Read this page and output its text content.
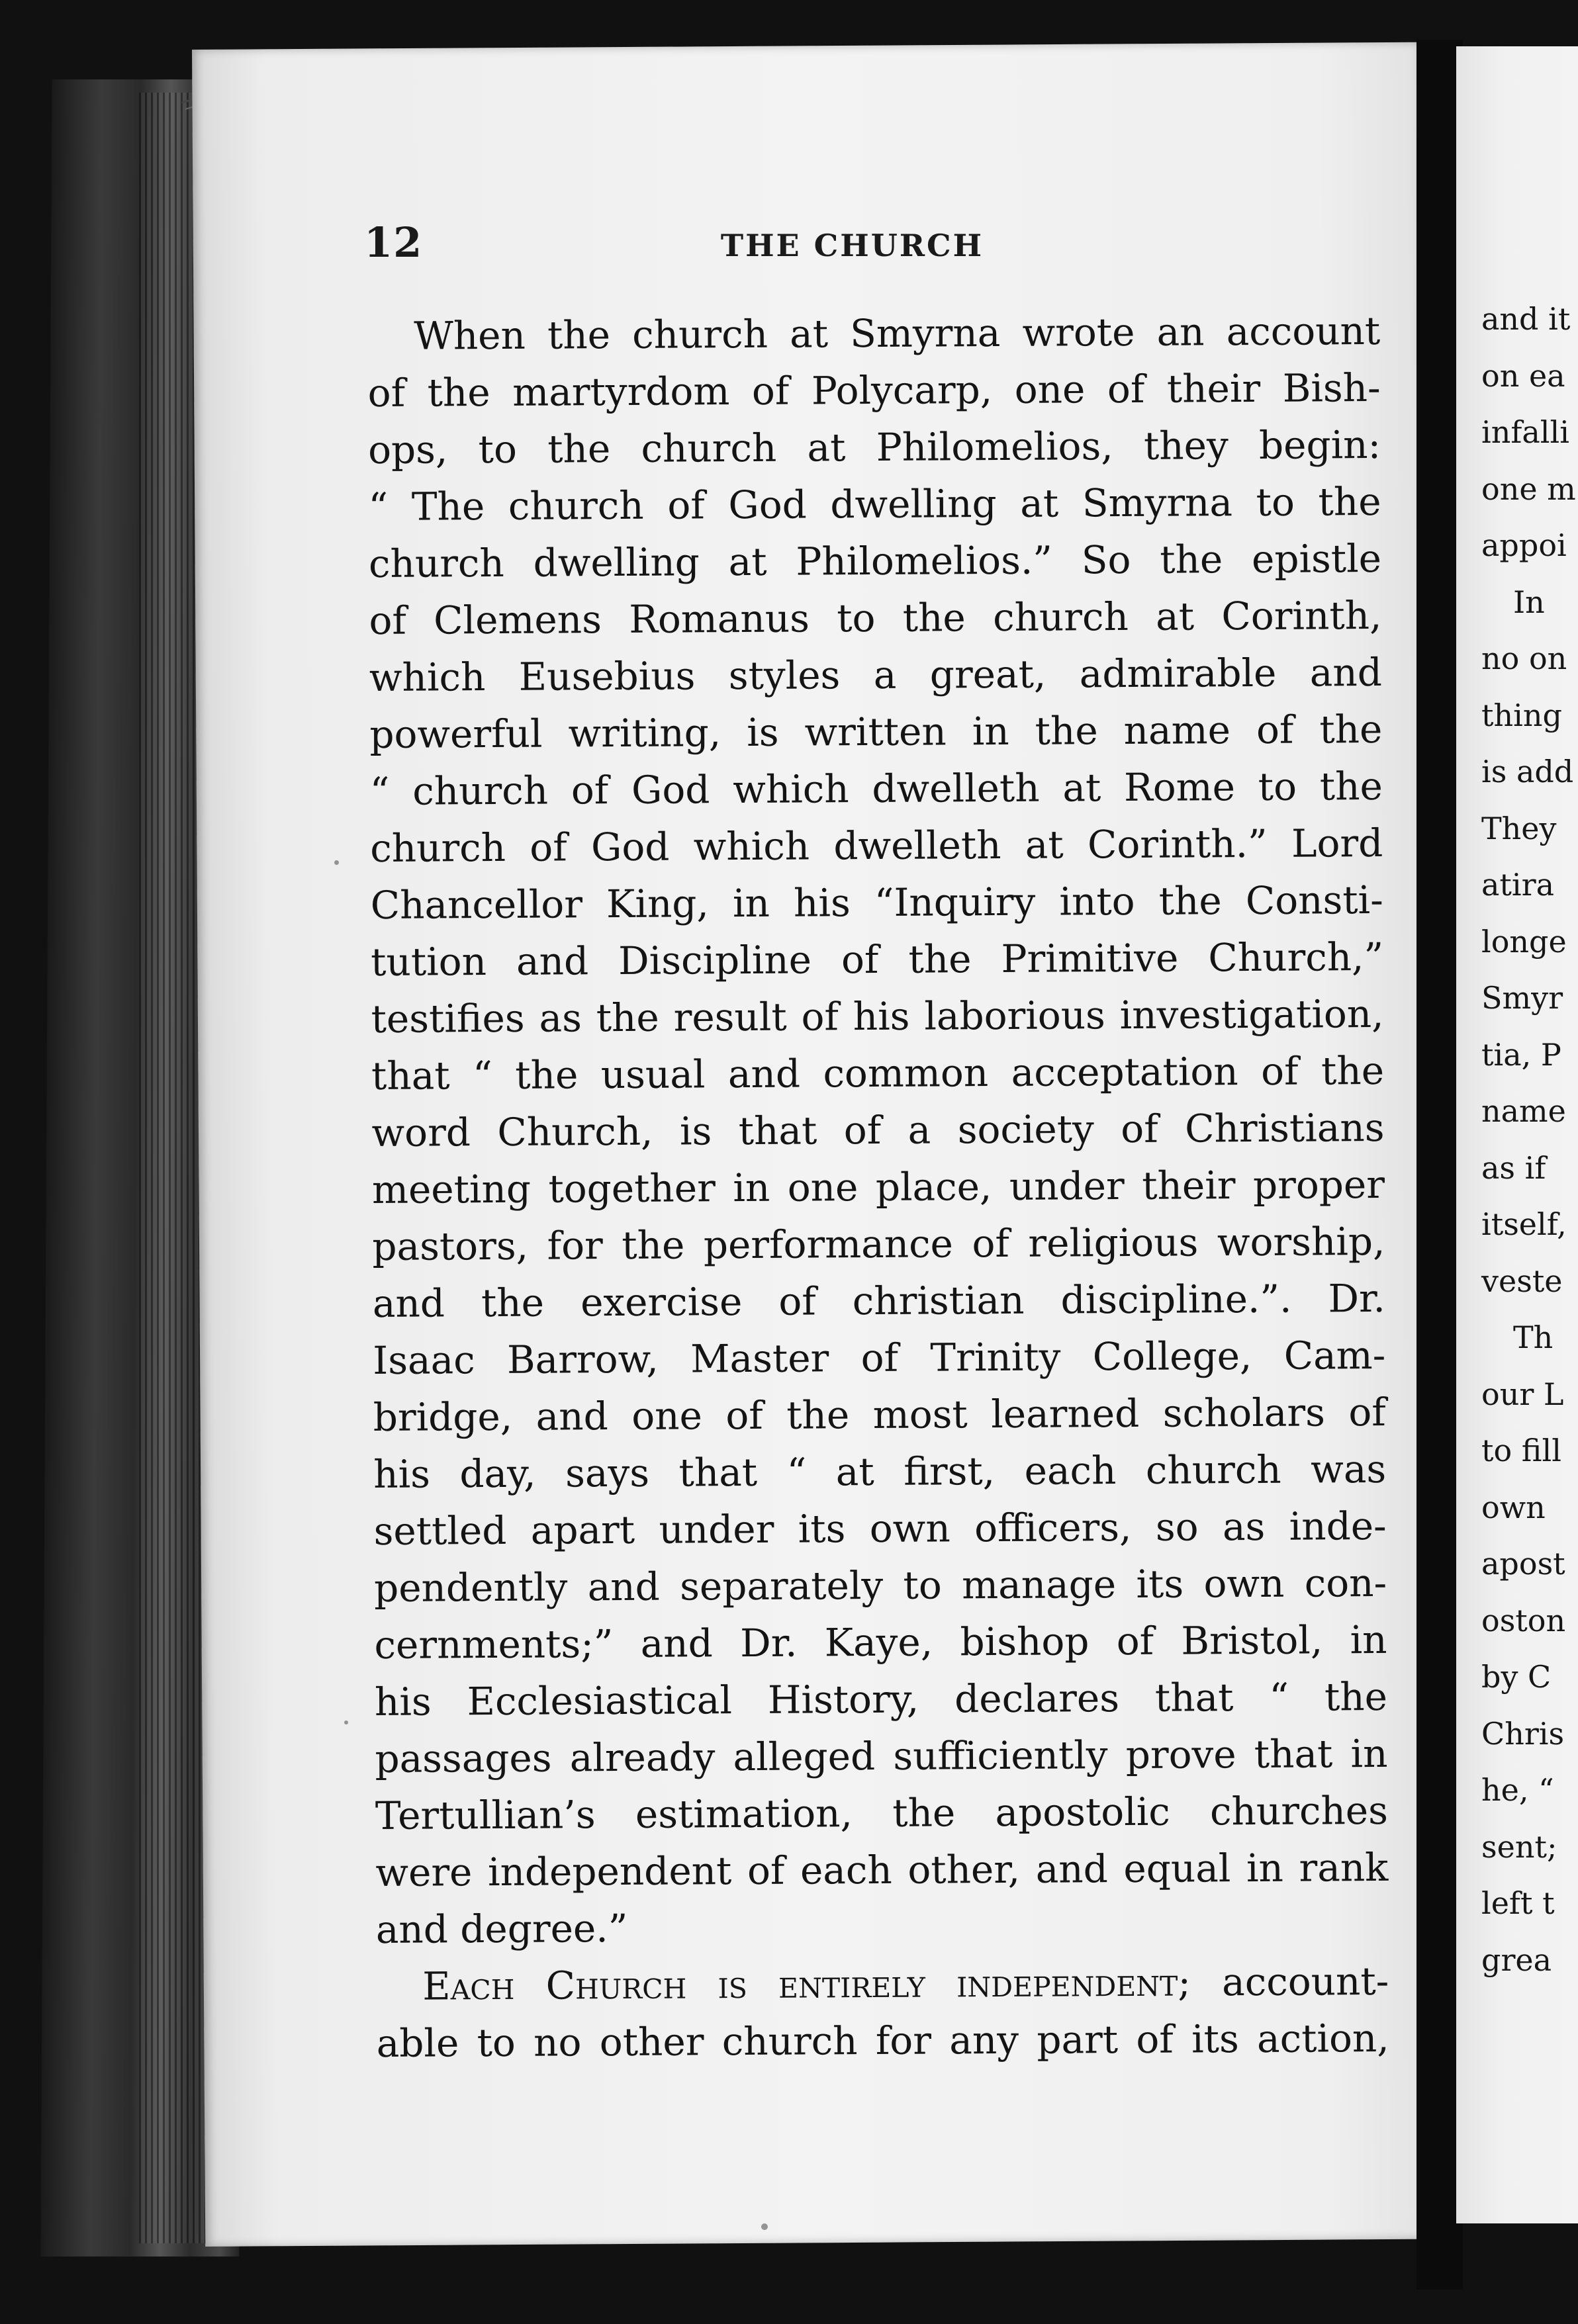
12	THE CHURCH
When the church at Smyrna wrote an account
of the martyrdom of Polycarp, one of their Bish-
ops, to the church at Philomelios, they begin:
“ The church of God dwelling at Smyrna to the
church dwelling at Philomelios.” So the epistle
of Clemens Romanus to the church at Corinth,
which Eusebius styles a great, admirable and
powerful writing, is written in the name of the
“ church of God which dwelleth at Rome to the
church of God which dwelleth at Corinth.” Lord
Chancellor King, in his “Inquiry into the Consti-
tution and Discipline of the Primitive Church,”
testifies as the result of his laborious investigation,
that “ the usual and common acceptation of the
word Church, is that of a society of Christians
meeting together in one place, under their proper
pastors, for the performance of religious worship,
and the exercise of christian discipline.”. Dr.
Isaac Barrow, Master of Trinity College, Cam-
bridge, and one of the most learned scholars of
his day, says that “ at first, each church was
settled apart under its own officers, so as inde-
pendently and separately to manage its own con-
cernments;” and Dr. Kaye, bishop of Bristol, in
his Ecclesiastical History, declares that “ the
passages already alleged sufficiently prove that in
Tertullian’s estimation, the apostolic churches
were independent of each other, and equal in rank
and degree.”
Each Church is entirely independent; account-
able to no other church for any part of its action,
and it
on ea
infalli
one m
appoi
In
no on
thing
is add
They
atira
longe
Smyr
tia, P
name
as if
itself,
veste
Th
our L
to fill
own
apost
oston
by C
Chris
he, “
sent;
left t
grea
